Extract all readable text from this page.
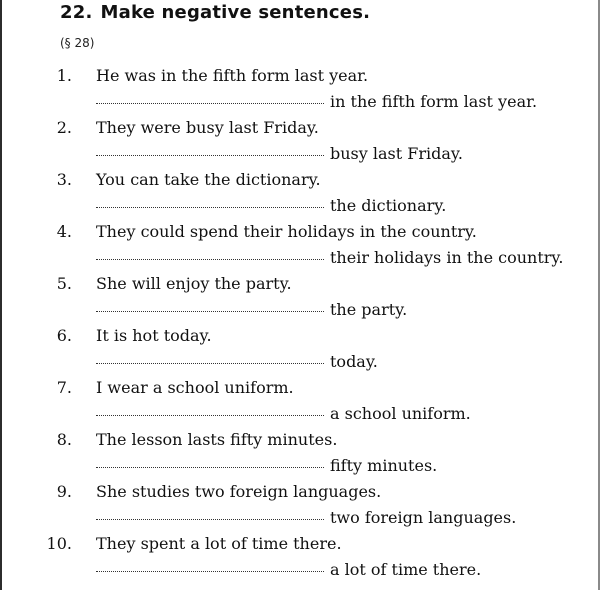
22. Make negative sentences.
(§ 28)
1. He was in the fifth form last year.
in the fifth form last year.
2. They were busy last Friday.
busy last Friday.
3. You can take the dictionary.
the dictionary.
4. They could spend their holidays in the country.
their holidays in the country.
5. She will enjoy the party.
the party.
6. It is hot today.
today.
7. I wear a school uniform.
a school uniform.
8. The lesson lasts fifty minutes.
fifty minutes.
9. She studies two foreign languages.
two foreign languages.
10. They spent a lot of time there.
a lot of time there.
